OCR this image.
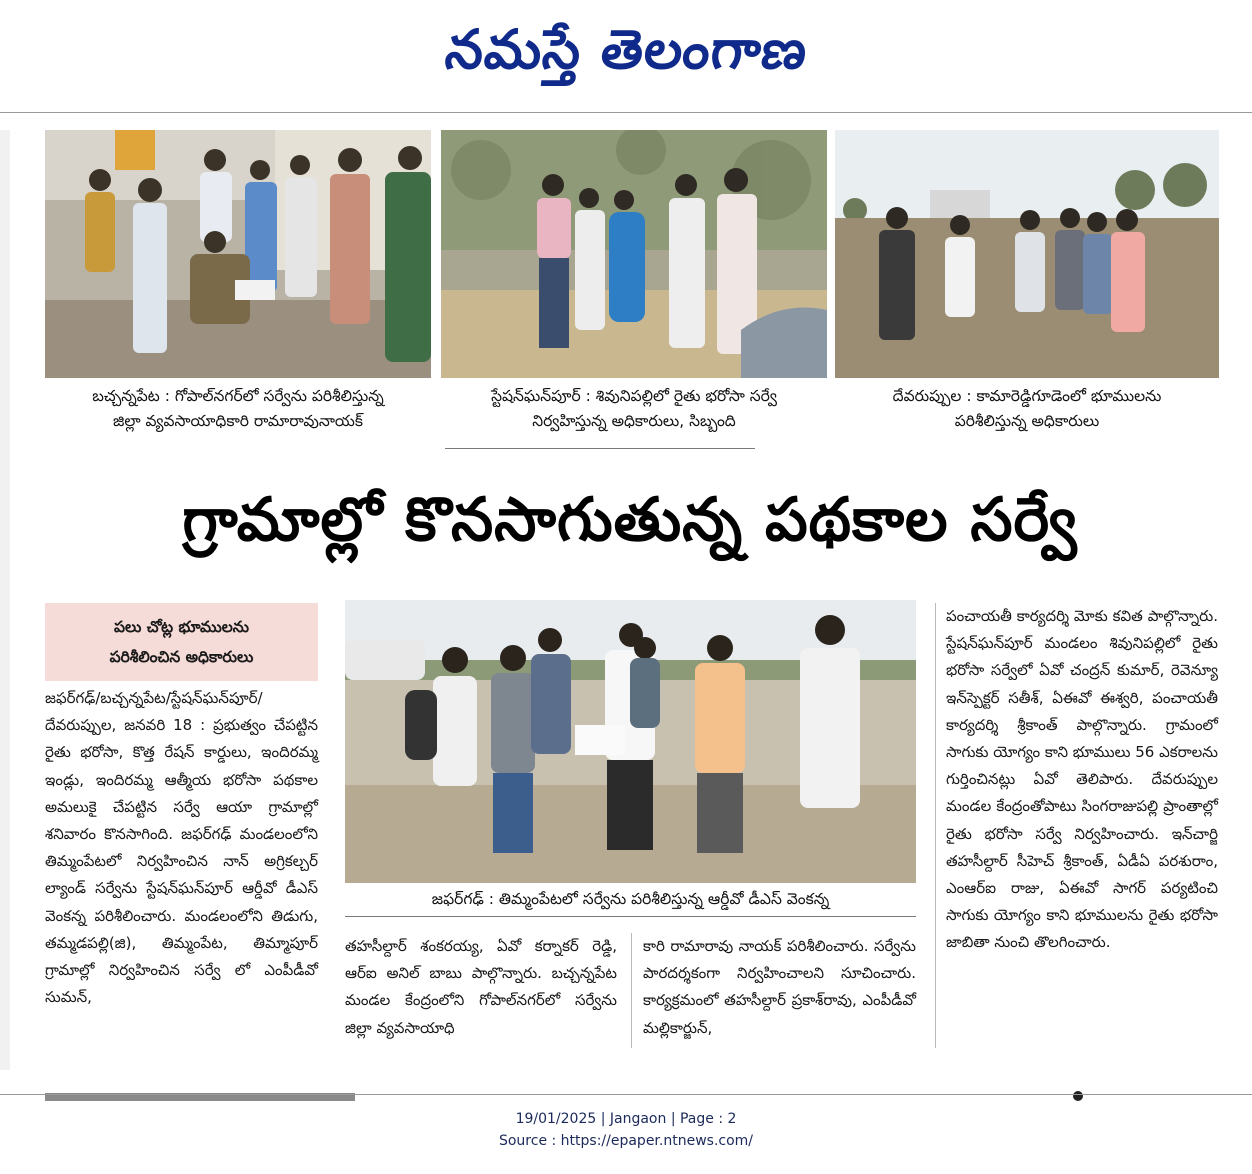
నమస్తే తెలంగాణ
బచ్చన్నపేట : గోపాల్‌నగర్‌లో సర్వేను పరిశీలిస్తున్న
జిల్లా వ్యవసాయాధికారి రామారావునాయక్
స్టేషన్‌ఘన్‌పూర్ : శివునిపల్లిలో రైతు భరోసా సర్వే
నిర్వహిస్తున్న అధికారులు, సిబ్బంది
దేవరుప్పుల : కామారెడ్డిగూడెంలో భూములను
పరిశీలిస్తున్న అధికారులు
గ్రామాల్లో కొనసాగుతున్న పథకాల సర్వే
పలు చోట్ల భూములను
పరిశీలించిన అధికారులు
జఫర్‌గఢ్ : తిమ్మంపేటలో సర్వేను పరిశీలిస్తున్న ఆర్డీవో డీఎస్ వెంకన్న

జఫర్‌గఢ్/బచ్చన్నపేట/స్టేషన్‌ఘన్‌పూర్/దేవరుప్పుల, జనవరి 18 : ప్రభుత్వం చేపట్టిన రైతు భరోసా, కొత్త రేషన్ కార్డులు, ఇందిరమ్మ ఇండ్లు, ఇందిరమ్మ ఆత్మీయ భరోసా పథకాల అమలుకై చేపట్టిన సర్వే ఆయా గ్రామాల్లో శనివారం కొనసాగింది. జఫర్‌గఢ్ మండలంలోని తిమ్మంపేటలో నిర్వహించిన నాన్ అగ్రికల్చర్ ల్యాండ్ సర్వేను స్టేషన్‌ఘన్‌పూర్ ఆర్డీవో డీఎస్ వెంకన్న పరిశీలించారు. మండలంలోని తిడుగు, తమ్మడపల్లి(జి), తిమ్మంపేట, తిమ్మాపూర్ గ్రామాల్లో నిర్వహించిన సర్వే లో ఎంపీడీవో సుమన్,

తహసీల్దార్ శంకరయ్య, ఏవో కర్నాకర్ రెడ్డి, ఆర్ఐ అనిల్ బాబు పాల్గొన్నారు. బచ్చన్నపేట మండల కేంద్రంలోని గోపాల్‌నగర్‌లో సర్వేను జిల్లా వ్యవసాయాధి

కారి రామారావు నాయక్ పరిశీలించారు. సర్వేను పారదర్శకంగా నిర్వహించాలని సూచించారు. కార్యక్రమంలో తహసీల్దార్ ప్రకాశ్‌రావు, ఎంపీడీవో మల్లికార్జున్,

పంచాయతీ కార్యదర్శి మోకు కవిత పాల్గొన్నారు. స్టేషన్‌ఘన్‌పూర్ మండలం శివునిపల్లిలో రైతు భరోసా సర్వేలో ఏవో చంద్రన్ కుమార్, రెవెన్యూ ఇన్‌స్పెక్టర్ సతీశ్, ఏఈవో ఈశ్వరి, పంచాయతీ కార్యదర్శి శ్రీకాంత్ పాల్గొన్నారు. గ్రామంలో సాగుకు యోగ్యం కాని భూములు 56 ఎకరాలను గుర్తించినట్లు ఏవో తెలిపారు. దేవరుప్పుల మండల కేంద్రంతోపాటు సింగరాజుపల్లి ప్రాంతాల్లో రైతు భరోసా సర్వే నిర్వహించారు. ఇన్‌చార్జి తహసీల్దార్ సీహెచ్ శ్రీకాంత్, ఏడీఏ పరశురాం, ఎంఆర్ఐ రాజు, ఏఈవో సాగర్ పర్యటించి సాగుకు యోగ్యం కాని భూములను రైతు భరోసా జాబితా నుంచి తొలగించారు.

19/01/2025 | Jangaon | Page : 2
Source : https://epaper.ntnews.com/
